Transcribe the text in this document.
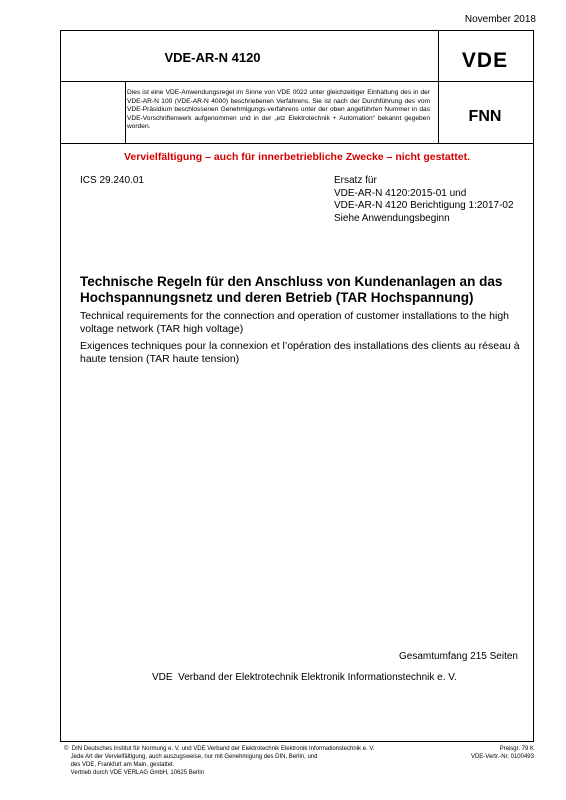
November 2018
VDE-AR-N 4120	VDE
Dies ist eine VDE-Anwendungsregel im Sinne von VDE 0022 unter gleichzeitiger Einhaltung des in der VDE-AR-N 100 (VDE-AR-N 4000) beschriebenen Verfahrens. Sie ist nach der Durchführung des vom VDE-Präsidium beschlossenen Genehmigungs-verfahrens unter der oben angeführten Nummer in das VDE-Vorschriftenwerk aufgenommen und in der „etz Elektrotechnik + Automation“ bekannt gegeben worden.
FNN
Vervielfältigung – auch für innerbetriebliche Zwecke – nicht gestattet.
ICS 29.240.01	Ersatz für
VDE-AR-N 4120:2015-01 und
VDE-AR-N 4120 Berichtigung 1:2017-02
Siehe Anwendungsbeginn
Technische Regeln für den Anschluss von Kundenanlagen an das Hochspannungsnetz und deren Betrieb (TAR Hochspannung)
Technical requirements for the connection and operation of customer installations to the high voltage network (TAR high voltage)
Exigences techniques pour la connexion et l’opération des installations des clients au réseau à haute tension (TAR haute tension)
Gesamtumfang 215 Seiten
VDE  Verband der Elektrotechnik Elektronik Informationstechnik e. V.
©  DIN Deutsches Institut für Normung e. V. und VDE Verband der Elektrotechnik Elektronik Informationstechnik e. V.
Jede Art der Vervielfältigung, auch auszugsweise, nur mit Genehmigung des DIN, Berlin, und
des VDE, Frankfurt am Main, gestattet.
Vertrieb durch VDE VERLAG GmbH, 10625 Berlin
Preisgr. 79 K
VDE-Vertr.-Nr. 0100493
